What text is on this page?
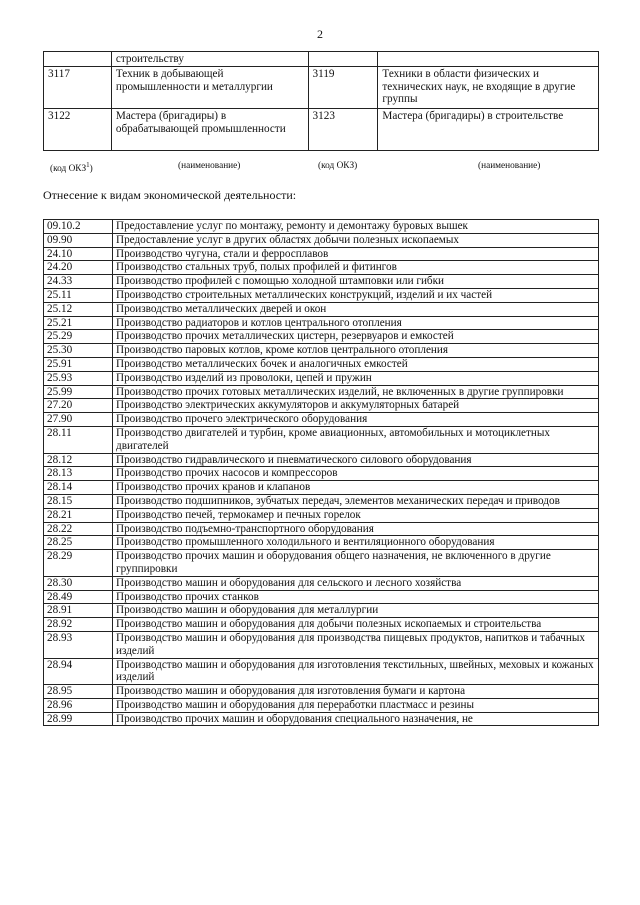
2
	строительству		
3117	Техник в добывающей промышленности и металлургии	3119	Техники в области физических и технических наук, не входящие в другие группы
3122	Мастера (бригадиры) в обрабатывающей промышленности	3123	Мастера (бригадиры) в строительстве
(код ОКЗ$^1$)	(наименование)	(код ОКЗ)	(наименование)
Отнесение к видам экономической деятельности:
09.10.2	Предоставление услуг по монтажу, ремонту и демонтажу буровых вышек
09.90	Предоставление услуг в других областях добычи полезных ископаемых
24.10	Производство чугуна, стали и ферросплавов
24.20	Производство стальных труб, полых профилей и фитингов
24.33	Производство профилей с помощью холодной штамповки или гибки
25.11	Производство строительных металлических конструкций, изделий и их частей
25.12	Производство металлических дверей и окон
25.21	Производство радиаторов и котлов центрального отопления
25.29	Производство прочих металлических цистерн, резервуаров и емкостей
25.30	Производство паровых котлов, кроме котлов центрального отопления
25.91	Производство металлических бочек и аналогичных емкостей
25.93	Производство изделий из проволоки, цепей и пружин
25.99	Производство прочих готовых металлических изделий, не включенных в другие группировки
27.20	Производство электрических аккумуляторов и аккумуляторных батарей
27.90	Производство прочего электрического оборудования
28.11	Производство двигателей и турбин, кроме авиационных, автомобильных и мотоциклетных двигателей
28.12	Производство гидравлического и пневматического силового оборудования
28.13	Производство прочих насосов и компрессоров
28.14	Производство прочих кранов и клапанов
28.15	Производство подшипников, зубчатых передач, элементов механических передач и приводов
28.21	Производство печей, термокамер и печных горелок
28.22	Производство подъемно-транспортного оборудования
28.25	Производство промышленного холодильного и вентиляционного оборудования
28.29	Производство прочих машин и оборудования общего назначения, не включенного в другие группировки
28.30	Производство машин и оборудования для сельского и лесного хозяйства
28.49	Производство прочих станков
28.91	Производство машин и оборудования для металлургии
28.92	Производство машин и оборудования для добычи полезных ископаемых и строительства
28.93	Производство машин и оборудования для производства пищевых продуктов, напитков и табачных изделий
28.94	Производство машин и оборудования для изготовления текстильных, швейных, меховых и кожаных изделий
28.95	Производство машин и оборудования для изготовления бумаги и картона
28.96	Производство машин и оборудования для переработки пластмасс и резины
28.99	Производство прочих машин и оборудования специального назначения, не
